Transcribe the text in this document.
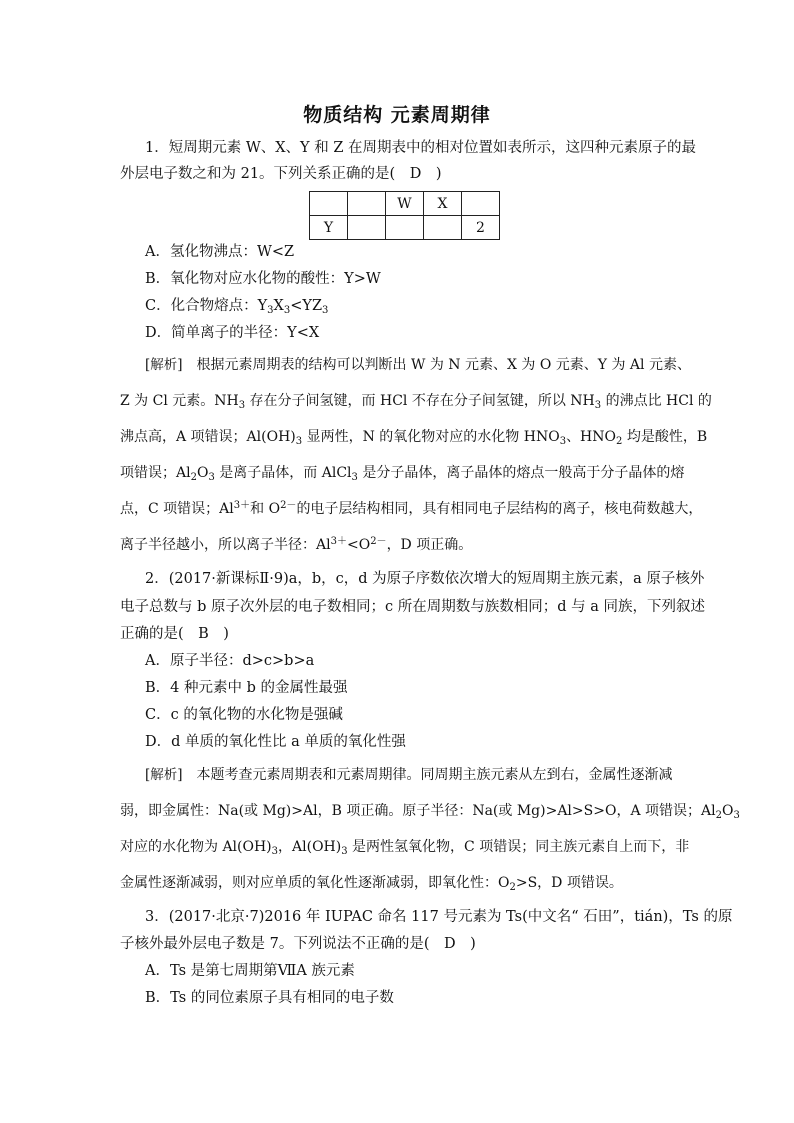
物质结构 元素周期律
1．短周期元素 W、X、Y 和 Z 在周期表中的相对位置如表所示，这四种元素原子的最
外层电子数之和为 21。下列关系正确的是(　D　)
		W	X	
Y				2
A．氢化物沸点：W<Z
B．氧化物对应水化物的酸性：Y>W
C．化合物熔点：$Y_3X_3<YZ_3$
D．简单离子的半径：Y<X
[解析]　根据元素周期表的结构可以判断出 W 为 N 元素、X 为 O 元素、Y 为 Al 元素、
Z 为 Cl 元素。$NH_3$ 存在分子间氢键，而 HCl 不存在分子间氢键，所以 $NH_3$ 的沸点比 HCl 的
沸点高，A 项错误；$Al(OH)_3$ 显两性，N 的氧化物对应的水化物 $HNO_3$、$HNO_2$ 均是酸性，B
项错误；$Al_2O_3$ 是离子晶体，而 AlCl$_3$ 是分子晶体，离子晶体的熔点一般高于分子晶体的熔
点，C 项错误；$Al^{3+}$和 $O^{2-}$的电子层结构相同，具有相同电子层结构的离子，核电荷数越大，
离子半径越小，所以离子半径：$Al^{3+}<O^{2-}$，D 项正确。
2．(2017·新课标Ⅱ·9)a，b，c，d 为原子序数依次增大的短周期主族元素，a 原子核外
电子总数与 b 原子次外层的电子数相同；c 所在周期数与族数相同；d 与 a 同族，下列叙述
正确的是(　B　)
A．原子半径：d>c>b>a
B．4 种元素中 b 的金属性最强
C．c 的氧化物的水化物是强碱
D．d 单质的氧化性比 a 单质的氧化性强
[解析]　本题考查元素周期表和元素周期律。同周期主族元素从左到右，金属性逐渐减
弱，即金属性：Na(或 Mg)>Al，B 项正确。原子半径：Na(或 Mg)>Al>S>O，A 项错误；$Al_2O_3$
对应的水化物为 $Al(OH)_3$，$Al(OH)_3$ 是两性氢氧化物，C 项错误；同主族元素自上而下，非
金属性逐渐减弱，则对应单质的氧化性逐渐减弱，即氧化性：$O_2>S$，D 项错误。
3．(2017·北京·7)2016 年 IUPAC 命名 117 号元素为 Ts(中文名“ 石田”，tián)，Ts 的原
子核外最外层电子数是 7。下列说法不正确的是(　D　)
A．Ts 是第七周期第ⅦA 族元素
B．Ts 的同位素原子具有相同的电子数
